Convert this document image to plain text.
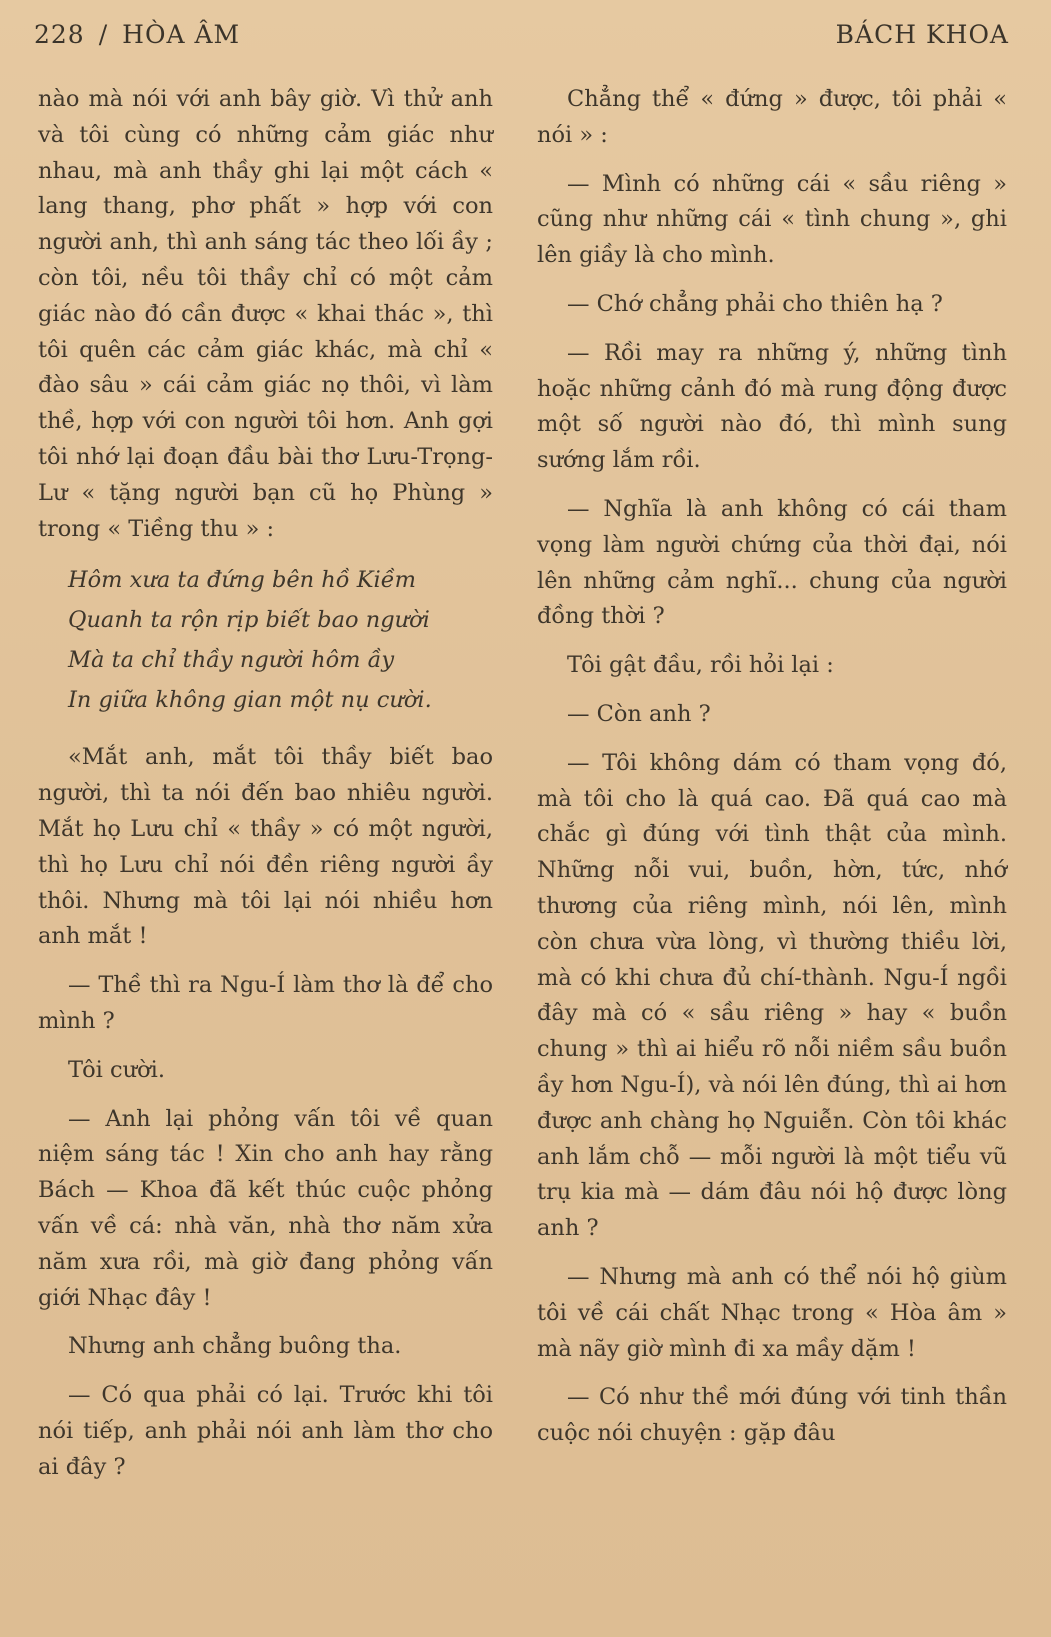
228 / HÒA ÂM	BÁCH KHOA

nào mà nói với anh bây giờ. Vì thử anh và tôi cùng có những cảm giác như nhau, mà anh thầy ghi lại một cách « lang thang, phơ phất » hợp với con người anh, thì anh sáng tác theo lối ầy ; còn tôi, nều tôi thầy chỉ có một cảm giác nào đó cần được « khai thác », thì tôi quên các cảm giác khác, mà chỉ « đào sâu » cái cảm giác nọ thôi, vì làm thề, hợp với con người tôi hơn. Anh gợi tôi nhớ lại đoạn đầu bài thơ Lưu-Trọng-Lư « tặng người bạn cũ họ Phùng » trong « Tiềng thu » :

Hôm xưa ta đứng bên hồ Kiềm
Quanh ta rộn rịp biết bao người
Mà ta chỉ thầy người hôm ầy
In giữa không gian một nụ cười.

«Mắt anh, mắt tôi thầy biết bao người, thì ta nói đến bao nhiêu người. Mắt họ Lưu chỉ « thầy » có một người, thì họ Lưu chỉ nói đền riêng người ầy thôi. Nhưng mà tôi lại nói nhiều hơn anh mắt !

— Thề thì ra Ngu-Í làm thơ là để cho mình ?

Tôi cười.

— Anh lại phỏng vấn tôi về quan niệm sáng tác ! Xin cho anh hay rằng Bách — Khoa đã kết thúc cuộc phỏng vấn về cá: nhà văn, nhà thơ năm xửa năm xưa rồi, mà giờ đang phỏng vấn giới Nhạc đây !

Nhưng anh chẳng buông tha.

— Có qua phải có lại. Trước khi tôi nói tiếp, anh phải nói anh làm thơ cho ai đây ?

Chẳng thể « đứng » được, tôi phải « nói » :

— Mình có những cái « sầu riêng » cũng như những cái « tình chung », ghi lên giầy là cho mình.

— Chớ chẳng phải cho thiên hạ ?

— Rồi may ra những ý, những tình hoặc những cảnh đó mà rung động được một số người nào đó, thì mình sung sướng lắm rồi.

— Nghĩa là anh không có cái tham vọng làm người chứng của thời đại, nói lên những cảm nghĩ... chung của người đồng thời ?

Tôi gật đầu, rồi hỏi lại :

— Còn anh ?

— Tôi không dám có tham vọng đó, mà tôi cho là quá cao. Đã quá cao mà chắc gì đúng với tình thật của mình. Những nỗi vui, buồn, hờn, tức, nhớ thương của riêng mình, nói lên, mình còn chưa vừa lòng, vì thường thiều lời, mà có khi chưa đủ chí-thành. Ngu-Í ngồi đây mà có « sầu riêng » hay « buồn chung » thì ai hiểu rõ nỗi niềm sầu buồn ầy hơn Ngu-Í), và nói lên đúng, thì ai hơn được anh chàng họ Nguiễn. Còn tôi khác anh lắm chỗ — mỗi người là một tiểu vũ trụ kia mà — dám đâu nói hộ được lòng anh ?

— Nhưng mà anh có thể nói hộ giùm tôi về cái chất Nhạc trong « Hòa âm » mà nãy giờ mình đi xa mầy dặm !

— Có như thề mới đúng với tinh thần cuộc nói chuyện : gặp đâu
